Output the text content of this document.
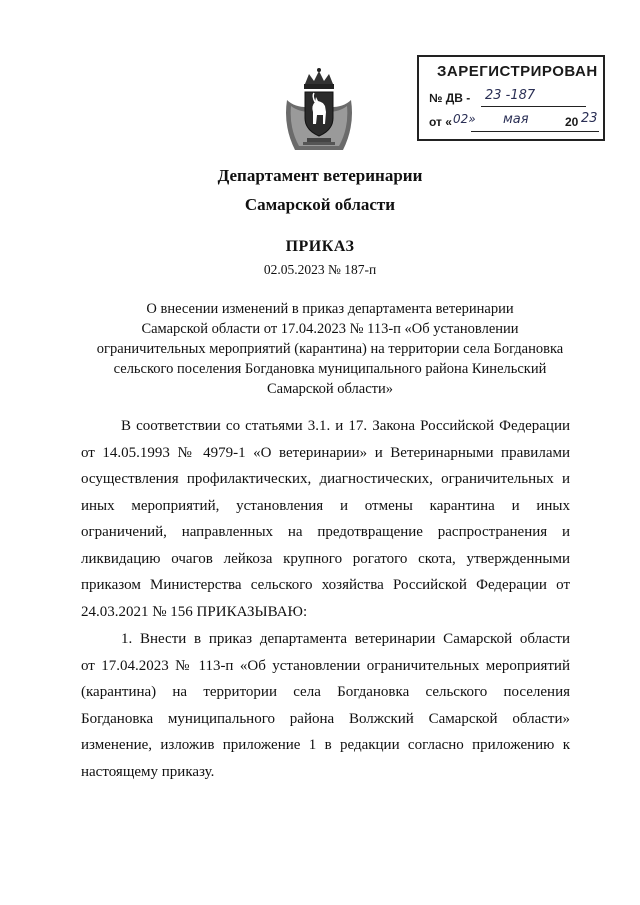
ЗАРЕГИСТРИРОВАН
№ ДВ - 23 -187
от « 02» мая	20 23
Департамент ветеринарии
Самарской области
ПРИКАЗ
02.05.2023 № 187-п
О внесении изменений в приказ департамента ветеринарии
Самарской области от 17.04.2023 № 113-п «Об установлении
ограничительных мероприятий (карантина) на территории села Богдановка
сельского поселения Богдановка муниципального района Кинельский
Самарской области»
В соответствии со статьями 3.1. и 17. Закона Российской Федерации
от 14.05.1993 № 4979-1 «О ветеринарии» и Ветеринарными правилами
осуществления профилактических, диагностических, ограничительных и
иных мероприятий, установления и отмены карантина и иных
ограничений, направленных на предотвращение распространения и
ликвидацию очагов лейкоза крупного рогатого скота, утвержденными
приказом Министерства сельского хозяйства Российской Федерации от
24.03.2021 № 156 ПРИКАЗЫВАЮ:
1. Внести в приказ департамента ветеринарии Самарской области
от 17.04.2023 № 113-п «Об установлении ограничительных мероприятий
(карантина) на территории села Богдановка сельского поселения
Богдановка муниципального района Волжский Самарской области»
изменение, изложив приложение 1 в редакции согласно приложению к
настоящему приказу.
